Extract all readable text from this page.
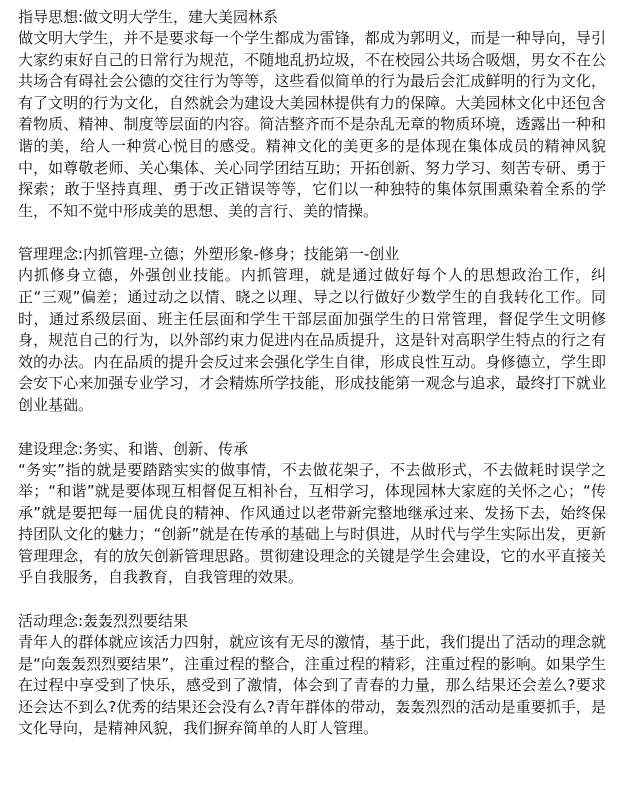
指导思想:做文明大学生，建大美园林系

做文明大学生，并不是要求每一个学生都成为雷锋，都成为郭明义，而是一种导向，导引大家约束好自己的日常行为规范，不随地乱扔垃圾，不在校园公共场合吸烟，男女不在公共场合有碍社会公德的交往行为等等，这些看似简单的行为最后会汇成鲜明的行为文化，有了文明的行为文化，自然就会为建设大美园林提供有力的保障。大美园林文化中还包含着物质、精神、制度等层面的内容。简洁整齐而不是杂乱无章的物质环境，透露出一种和谐的美，给人一种赏心悦目的感受。精神文化的美更多的是体现在集体成员的精神风貌中，如尊敬老师、关心集体、关心同学团结互助；开拓创新、努力学习、刻苦专研、勇于探索；敢于坚持真理、勇于改正错误等等，它们以一种独特的集体氛围熏染着全系的学生，不知不觉中形成美的思想、美的言行、美的情操。

管理理念:内抓管理-立德；外塑形象-修身；技能第一-创业

内抓修身立德，外强创业技能。内抓管理，就是通过做好每个人的思想政治工作，纠正“三观”偏差；通过动之以情、晓之以理、导之以行做好少数学生的自我转化工作。同时，通过系级层面、班主任层面和学生干部层面加强学生的日常管理，督促学生文明修身，规范自己的行为，以外部约束力促进内在品质提升，这是针对高职学生特点的行之有效的办法。内在品质的提升会反过来会强化学生自律，形成良性互动。身修德立，学生即会安下心来加强专业学习，才会精炼所学技能，形成技能第一观念与追求，最终打下就业创业基础。

建设理念:务实、和谐、创新、传承

“务实”指的就是要踏踏实实的做事情，不去做花架子，不去做形式，不去做耗时误学之举；“和谐”就是要体现互相督促互相补台，互相学习，体现园林大家庭的关怀之心；“传承”就是要把每一届优良的精神、作风通过以老带新完整地继承过来、发扬下去，始终保持团队文化的魅力；“创新”就是在传承的基础上与时俱进，从时代与学生实际出发，更新管理理念，有的放矢创新管理思路。贯彻建设理念的关键是学生会建设，它的水平直接关乎自我服务，自我教育，自我管理的效果。

活动理念:轰轰烈烈要结果

青年人的群体就应该活力四射，就应该有无尽的激情，基于此，我们提出了活动的理念就是“向轰轰烈烈要结果”，注重过程的整合，注重过程的精彩，注重过程的影响。如果学生在过程中享受到了快乐，感受到了激情，体会到了青春的力量，那么结果还会差么?要求还会达不到么?优秀的结果还会没有么?青年群体的带动，轰轰烈烈的活动是重要抓手，是文化导向，是精神风貌，我们摒弃简单的人盯人管理。
